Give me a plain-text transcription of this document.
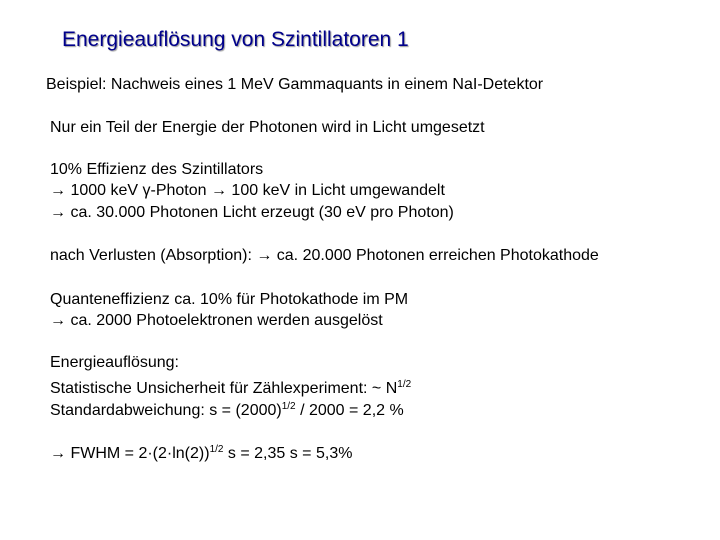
Energieauflösung von Szintillatoren 1
Beispiel: Nachweis eines 1 MeV Gammaquants in einem NaI-Detektor
Nur ein Teil der Energie der Photonen wird in Licht umgesetzt
10% Effizienz des Szintillators
→ 1000 keV γ-Photon → 100 keV in Licht umgewandelt
→ ca. 30.000 Photonen Licht erzeugt (30 eV pro Photon)
nach Verlusten (Absorption): → ca. 20.000 Photonen erreichen Photokathode
Quanteneffizienz ca. 10% für Photokathode im PM
→ ca. 2000 Photoelektronen werden ausgelöst
Energieauflösung:
Statistische Unsicherheit für Zählexperiment: ~ $N^{1/2}$
Standardabweichung: $s = (2000)^{1/2} / 2000 = 2,2$ %
→ FWHM = $2\cdot(2\cdot\ln(2))^{1/2}$ s = 2,35 s = 5,3%
